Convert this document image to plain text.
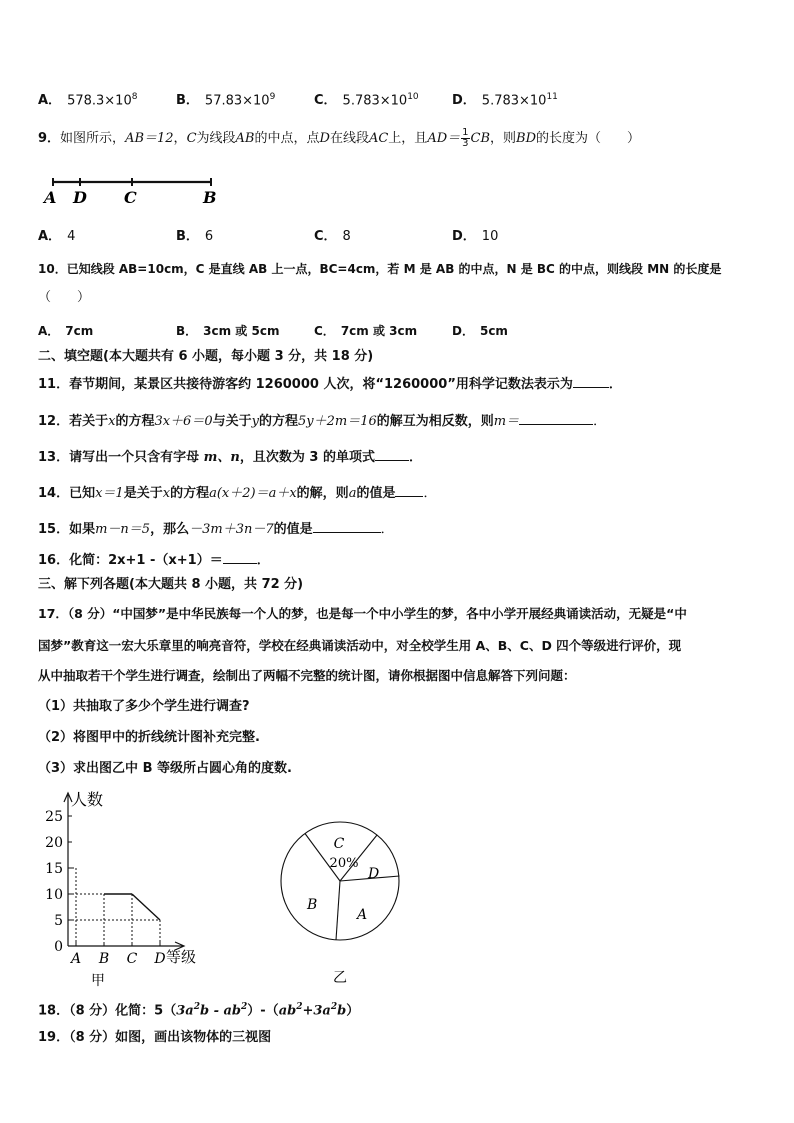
A． $578.3\times 10^8$	B． $57.83\times 10^9$	C． $5.783\times 10^{10}$	D． $5.783\times 10^{11}$
9．如图所示，AB＝12，C为线段AB的中点，点D在线段AC上，且$AD= \frac{1}{3}$ CB，则BD的长度为（　　）
A D C	B
A． 4	B． 6	C． 8	D． 10
10．已知线段 AB=10cm，C 是直线 AB 上一点，BC=4cm，若 M 是 AB 的中点，N 是 BC 的中点，则线段 MN 的长度是
（　　）
A． 7cm	B． 3cm 或 5cm	C． 7cm 或 3cm	D． 5cm
二、填空题(本大题共有 6 小题，每小题 3 分，共 18 分)
11．春节期间，某景区共接待游客约 1260000 人次，将“1260000”用科学记数法表示为	．
12．若关于x的方程3x＋6＝0与关于y的方程5y＋2m＝16的解互为相反数，则m＝	．
13．请写出一个只含有字母 m、n，且次数为 3 的单项式	．
14．已知x＝1是关于x的方程a(x＋2)＝a＋x的解，则a的值是 ．
15．如果m－n＝5，那么－3m＋3n－7的值是	．
16．化简：2x+1 -（x+1）＝	．
三、解下列各题(本大题共 8 小题，共 72 分)
17．（8 分）“中国梦”是中华民族每一个人的梦，也是每一个中小学生的梦，各中小学开展经典诵读活动，无疑是“中
国梦”教育这一宏大乐章里的响亮音符，学校在经典诵读活动中，对全校学生用 A、B、C、D 四个等级进行评价，现
从中抽取若干个学生进行调查，绘制出了两幅不完整的统计图，请你根据图中信息解答下列问题：
（1）共抽取了多少个学生进行调查?
（2）将图甲中的折线统计图补充完整.
（3）求出图乙中 B 等级所占圆心角的度数.
0
5
10
15
20
25
A B C D
人数
等级
甲
C
20%
D
B
A
乙
18．（8 分）化简：$5(3a^2b - ab^2)-(ab^2+3a^2b)$
19．（8 分）如图，画出该物体的三视图
